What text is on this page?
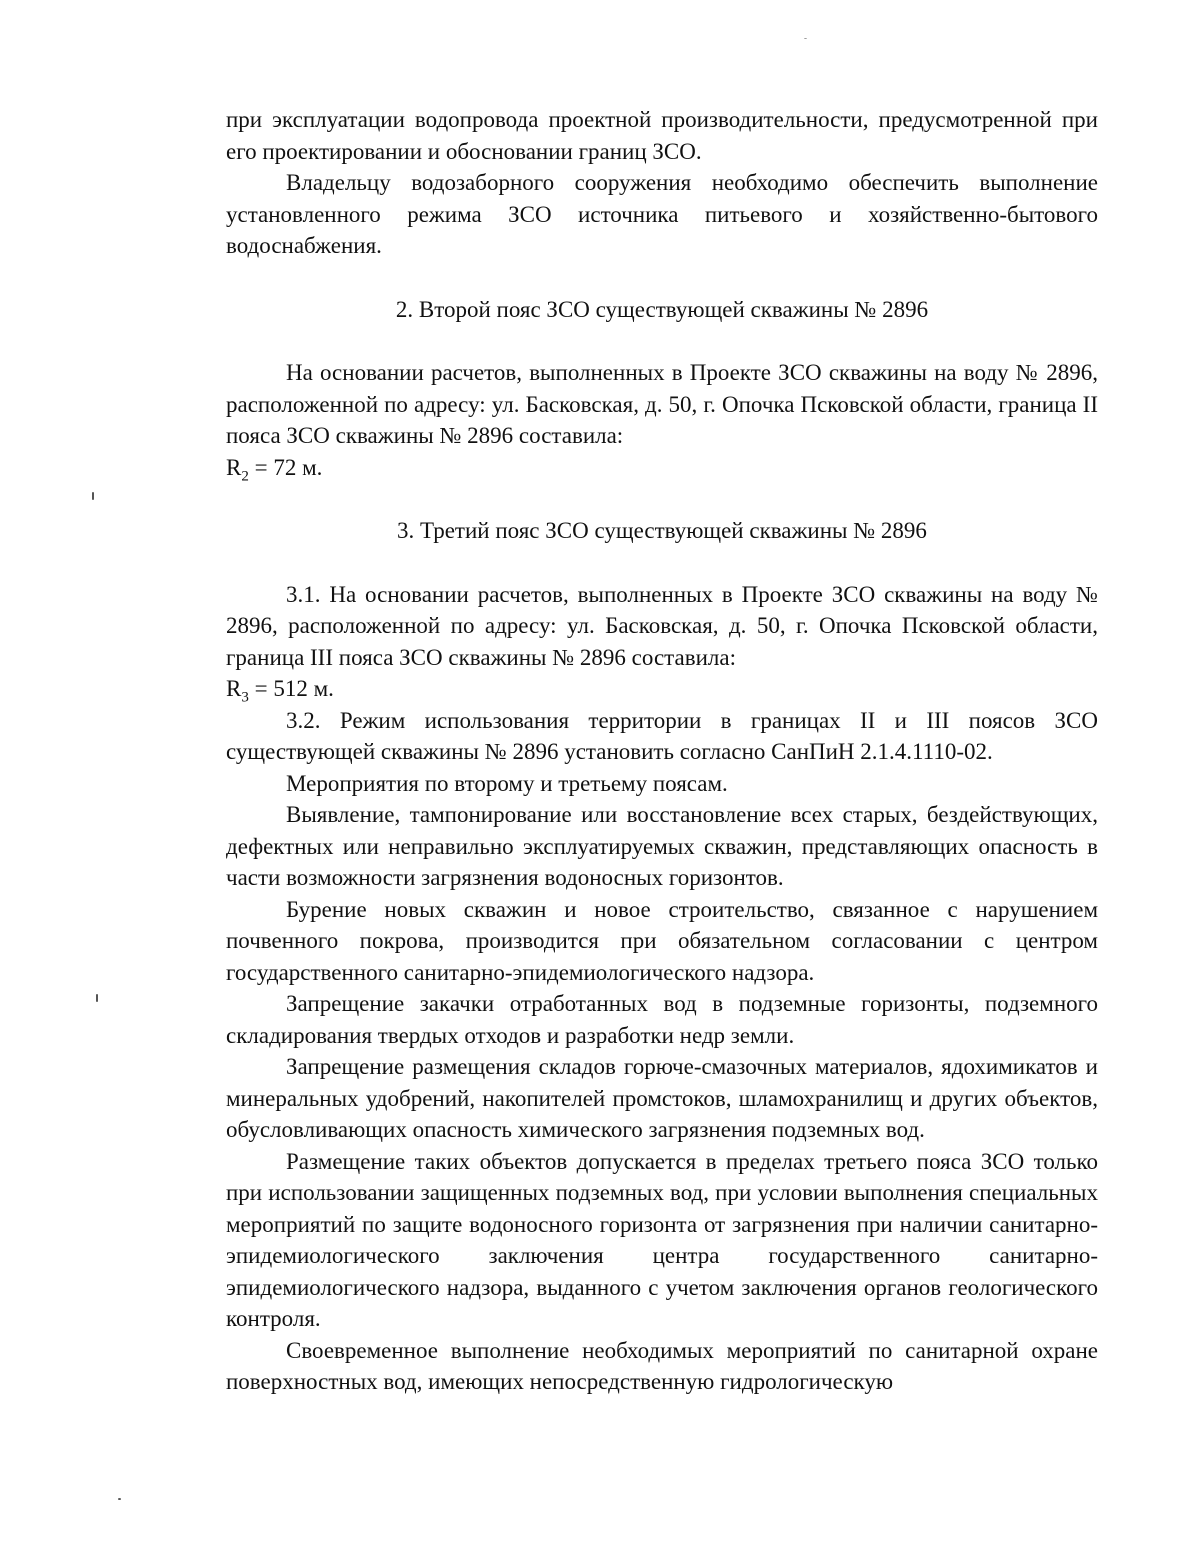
при эксплуатации водопровода проектной производительности, предусмотренной при его проектировании и обосновании границ ЗСО.

Владельцу водозаборного сооружения необходимо обеспечить выполнение установленного режима ЗСО источника питьевого и хозяйственно-бытового водоснабжения.

2. Второй пояс ЗСО существующей скважины № 2896

На основании расчетов, выполненных в Проекте ЗСО скважины на воду № 2896, расположенной по адресу: ул. Басковская, д. 50, г. Опочка Псковской области, граница II пояса ЗСО скважины № 2896 составила:

$R_2 = 72$ м.

3. Третий пояс ЗСО существующей скважины № 2896

3.1. На основании расчетов, выполненных в Проекте ЗСО скважины на воду № 2896, расположенной по адресу: ул. Басковская, д. 50, г. Опочка Псковской области, граница III пояса ЗСО скважины № 2896 составила:

$R_3 = 512$ м.

3.2. Режим использования территории в границах II и III поясов ЗСО существующей скважины № 2896 установить согласно СанПиН 2.1.4.1110-02.

Мероприятия по второму и третьему поясам.

Выявление, тампонирование или восстановление всех старых, бездействующих, дефектных или неправильно эксплуатируемых скважин, представляющих опасность в части возможности загрязнения водоносных горизонтов.

Бурение новых скважин и новое строительство, связанное с нарушением почвенного покрова, производится при обязательном согласовании с центром государственного санитарно-эпидемиологического надзора.

Запрещение закачки отработанных вод в подземные горизонты, подземного складирования твердых отходов и разработки недр земли.

Запрещение размещения складов горюче-смазочных материалов, ядохимикатов и минеральных удобрений, накопителей промстоков, шламохранилищ и других объектов, обусловливающих опасность химического загрязнения подземных вод.

Размещение таких объектов допускается в пределах третьего пояса ЗСО только при использовании защищенных подземных вод, при условии выполнения специальных мероприятий по защите водоносного горизонта от загрязнения при наличии санитарно-эпидемиологического заключения центра государственного санитарно-эпидемиологического надзора, выданного с учетом заключения органов геологического контроля.

Своевременное выполнение необходимых мероприятий по санитарной охране поверхностных вод, имеющих непосредственную гидрологическую
